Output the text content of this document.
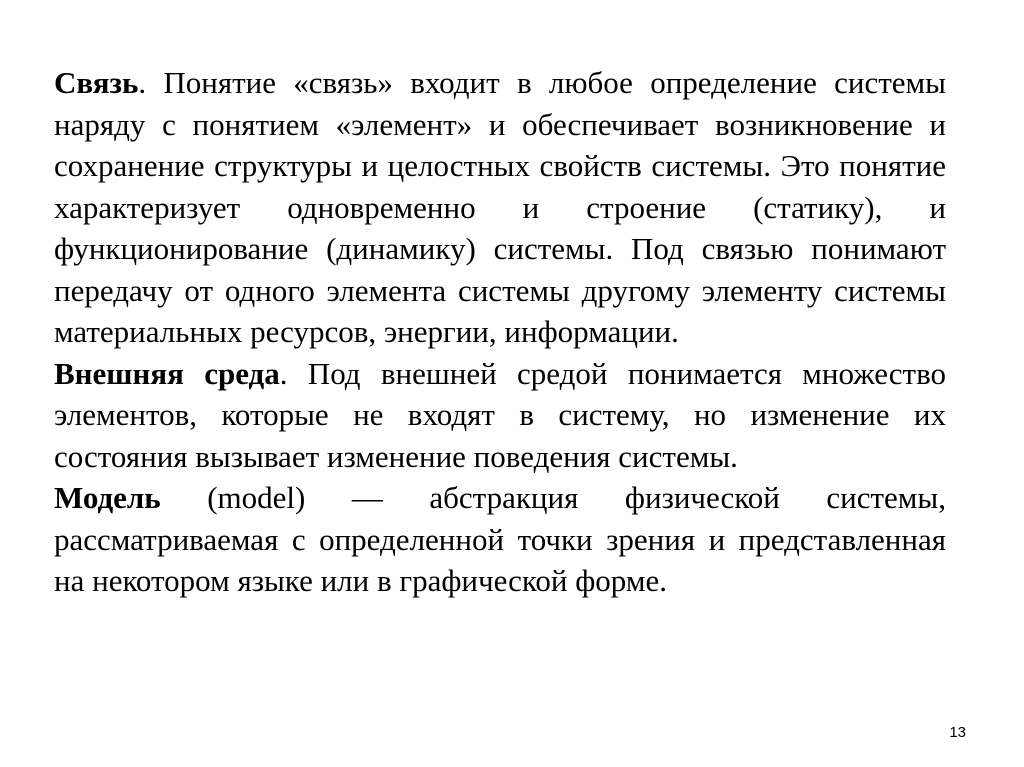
Связь. Понятие «связь» входит в любое определение системы наряду с понятием «элемент» и обеспечивает возникновение и сохранение структуры и целостных свойств системы. Это понятие характеризует одновременно и строение (статику), и функционирование (динамику) системы. Под связью понимают передачу от одного элемента системы другому элементу системы материальных ресурсов, энергии, информации.

Внешняя среда. Под внешней средой понимается множество элементов, которые не входят в систему, но изменение их состояния вызывает изменение поведения системы.

Модель (model) — абстракция физической системы, рассматриваемая с определенной точки зрения и представленная на некотором языке или в графической форме.

13
